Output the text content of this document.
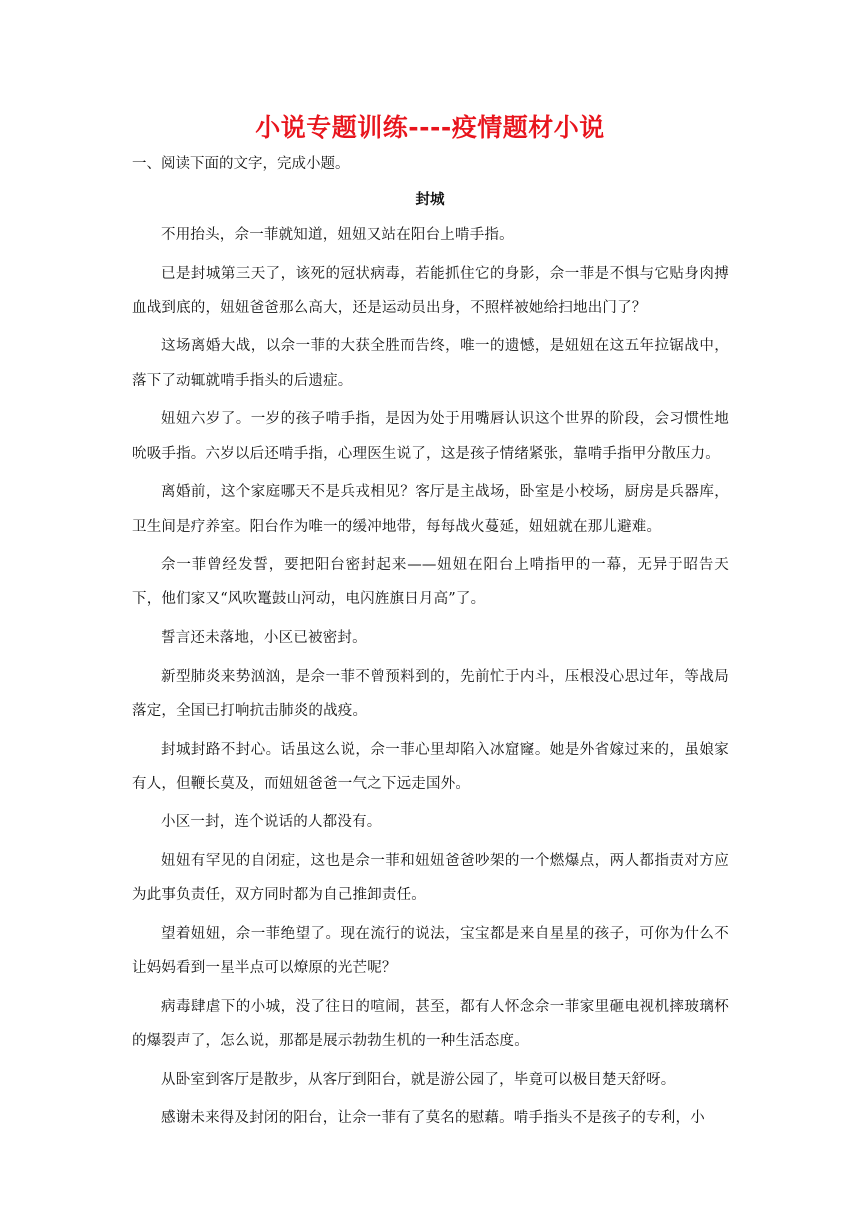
小说专题训练----疫情题材小说
一、阅读下面的文字，完成小题。
封城

不用抬头，佘一菲就知道，妞妞又站在阳台上啃手指。

已是封城第三天了，该死的冠状病毒，若能抓住它的身影，佘一菲是不惧与它贴身肉搏血战到底的，妞妞爸爸那么高大，还是运动员出身，不照样被她给扫地出门了？

这场离婚大战，以佘一菲的大获全胜而告终，唯一的遗憾，是妞妞在这五年拉锯战中，落下了动辄就啃手指头的后遗症。

妞妞六岁了。一岁的孩子啃手指，是因为处于用嘴唇认识这个世界的阶段，会习惯性地吮吸手指。六岁以后还啃手指，心理医生说了，这是孩子情绪紧张，靠啃手指甲分散压力。

离婚前，这个家庭哪天不是兵戎相见？客厅是主战场，卧室是小校场，厨房是兵器库，卫生间是疗养室。阳台作为唯一的缓冲地带，每每战火蔓延，妞妞就在那儿避难。

佘一菲曾经发誓，要把阳台密封起来——妞妞在阳台上啃指甲的一幕，无异于昭告天下，他们家又“风吹鼍鼓山河动，电闪旌旗日月高”了。

誓言还未落地，小区已被密封。

新型肺炎来势汹汹，是佘一菲不曾预料到的，先前忙于内斗，压根没心思过年，等战局落定，全国已打响抗击肺炎的战疫。

封城封路不封心。话虽这么说，佘一菲心里却陷入冰窟窿。她是外省嫁过来的，虽娘家有人，但鞭长莫及，而妞妞爸爸一气之下远走国外。

小区一封，连个说话的人都没有。

妞妞有罕见的自闭症，这也是佘一菲和妞妞爸爸吵架的一个燃爆点，两人都指责对方应为此事负责任，双方同时都为自己推卸责任。

望着妞妞，佘一菲绝望了。现在流行的说法，宝宝都是来自星星的孩子，可你为什么不让妈妈看到一星半点可以燎原的光芒呢？

病毒肆虐下的小城，没了往日的喧闹，甚至，都有人怀念佘一菲家里砸电视机摔玻璃杯的爆裂声了，怎么说，那都是展示勃勃生机的一种生活态度。

从卧室到客厅是散步，从客厅到阳台，就是游公园了，毕竟可以极目楚天舒呀。

感谢未来得及封闭的阳台，让佘一菲有了莫名的慰藉。啃手指头不是孩子的专利，小
